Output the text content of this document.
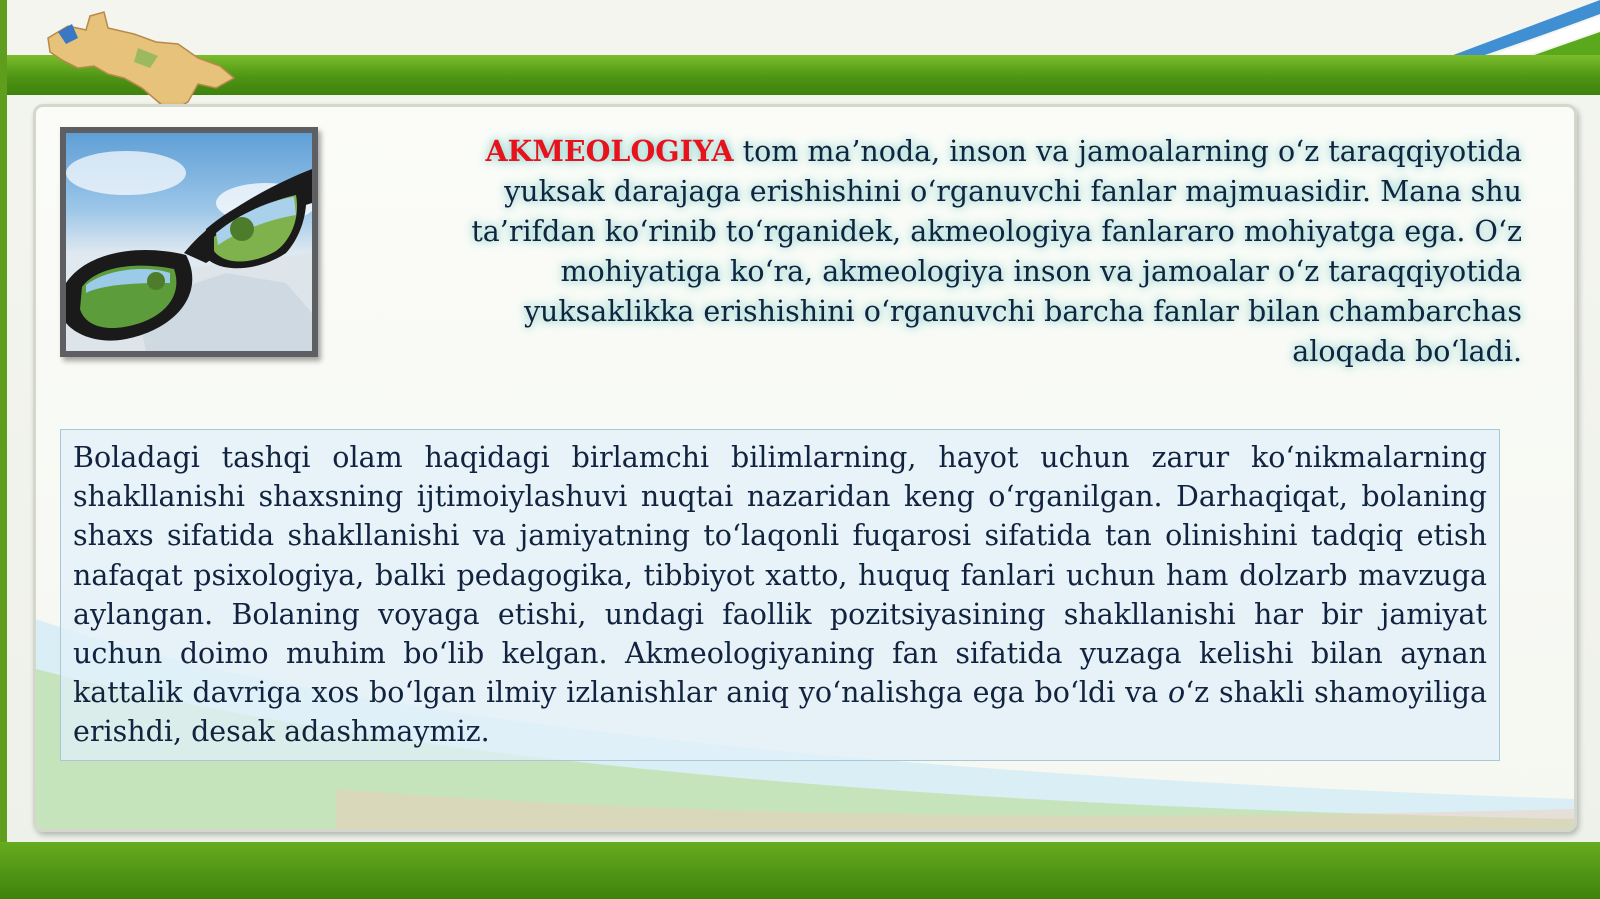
AKMEOLOGIYA tom ma’noda, inson va jamoalarning o‘z taraqqiyotida yuksak darajaga erishishini o‘rganuvchi fanlar majmuasidir. Mana shu ta’rifdan ko‘rinib to‘rganidek, akmeologiya fanlararo mohiyatga ega. O‘z mohiyatiga ko‘ra, akmeologiya inson va jamoalar o‘z taraqqiyotida yuksaklikka erishishini o‘rganuvchi barcha fanlar bilan chambarchas aloqada bo‘ladi.
Boladagi tashqi olam haqidagi birlamchi bilimlarning, hayot uchun zarur ko‘nikmalarning shakllanishi shaxsning ijtimoiylashuvi nuqtai nazaridan keng o‘rganilgan. Darhaqiqat, bolaning shaxs sifatida shakllanishi va jamiyatning to‘laqonli fuqarosi sifatida tan olinishini tadqiq etish nafaqat psixologiya, balki pedagogika, tibbiyot xatto, huquq fanlari uchun ham dolzarb mavzuga aylangan. Bolaning voyaga etishi, undagi faollik pozitsiyasining shakllanishi har bir jamiyat uchun doimo muhim bo‘lib kelgan. Akmeologiyaning fan sifatida yuzaga kelishi bilan aynan kattalik davriga xos bo‘lgan ilmiy izlanishlar aniq yo‘nalishga ega bo‘ldi va o‘z shakli shamoyiliga erishdi, desak adashmaymiz.
